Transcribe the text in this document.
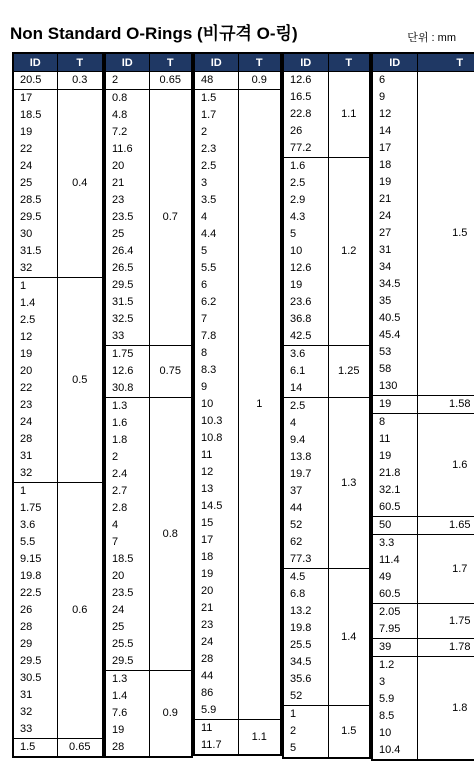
Non Standard O-Rings (비규격 O-링)	단위 : mm
ID	T
20.5	0.3
17	0.4
18.5	
19	
22	
24	
25	
28.5	
29.5	
30	
31.5	
32	
1	0.5
1.4	
2.5	
12	
19	
20	
22	
23	
24	
28	
31	
32	
1	0.6
1.75	
3.6	
5.5	
9.15	
19.8	
22.5	
26	
28	
29	
29.5	
30.5	
31	
32	
33	
1.5	0.65
ID	T
2	0.65
0.8	0.7
4.8	
7.2	
11.6	
20	
21	
23	
23.5	
25	
26.4	
26.5	
29.5	
31.5	
32.5	
33	
1.75	0.75
12.6	
30.8	
1.3	0.8
1.6	
1.8	
2	
2.4	
2.7	
2.8	
4	
7	
18.5	
20	
23.5	
24	
25	
25.5	
29.5	
1.3	0.9
1.4	
7.6	
19	
28	
ID	T
48	0.9
1.5	1
1.7	
2	
2.3	
2.5	
3	
3.5	
4	
4.4	
5	
5.5	
6	
6.2	
7	
7.8	
8	
8.3	
9	
10	
10.3	
10.8	
11	
12	
13	
14.5	
15	
17	
18	
19	
20	
21	
23	
24	
28	
44	
86	
5.9	
11	1.1
11.7	
ID	T
12.6	1.1
16.5	
22.8	
26	
77.2	
1.6	1.2
2.5	
2.9	
4.3	
5	
10	
12.6	
19	
23.6	
36.8	
42.5	
3.6	1.25
6.1	
14	
2.5	1.3
4	
9.4	
13.8	
19.7	
37	
44	
52	
62	
77.3	
4.5	1.4
6.8	
13.2	
19.8	
25.5	
34.5	
35.6	
52	
1	1.5
2	
5	
ID	T
6	1.5
9	
12	
14	
17	
18	
19	
21	
24	
27	
31	
34	
34.5	
35	
40.5	
45.4	
53	
58	
130	
19	1.58
8	1.6
11	
19	
21.8	
32.1	
60.5	
50	1.65
3.3	1.7
11.4	
49	
60.5	
2.05	1.75
7.95	
39	1.78
1.2	1.8
3	
5.9	
8.5	
10	
10.4	
